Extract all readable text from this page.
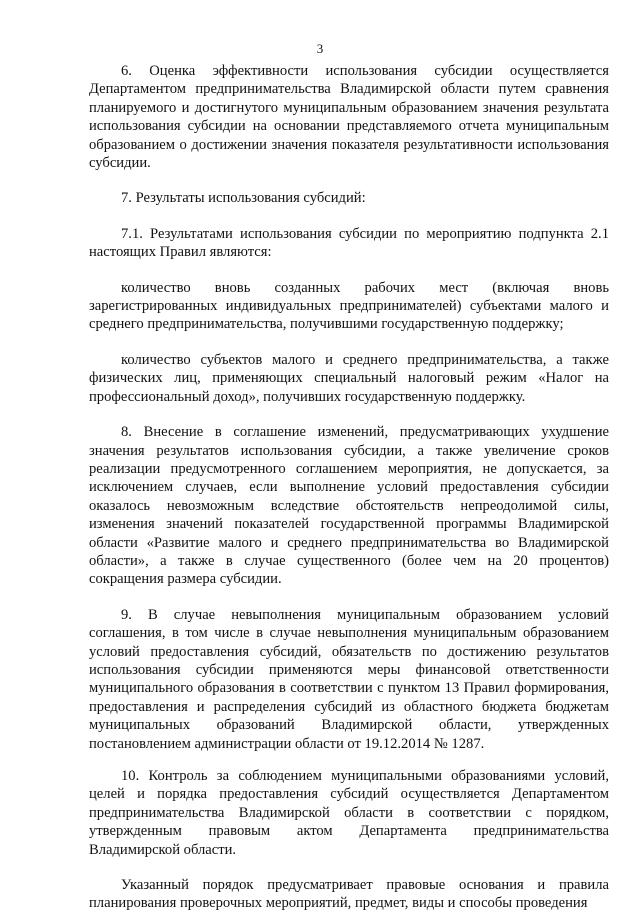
3

6. Оценка эффективности использования субсидии осуществляется Департаментом предпринимательства Владимирской области путем сравнения планируемого и достигнутого муниципальным образованием значения результата использования субсидии на основании представляемого отчета муниципальным образованием о достижении значения показателя результативности использования субсидии.

7. Результаты использования субсидий:

7.1. Результатами использования субсидии по мероприятию подпункта 2.1 настоящих Правил являются:

количество вновь созданных рабочих мест (включая вновь зарегистрированных индивидуальных предпринимателей) субъектами малого и среднего предпринимательства, получившими государственную поддержку;

количество субъектов малого и среднего предпринимательства, а также физических лиц, применяющих специальный налоговый режим «Налог на профессиональный доход», получивших государственную поддержку.

8. Внесение в соглашение изменений, предусматривающих ухудшение значения результатов использования субсидии, а также увеличение сроков реализации предусмотренного соглашением мероприятия, не допускается, за исключением случаев, если выполнение условий предоставления субсидии оказалось невозможным вследствие обстоятельств непреодолимой силы, изменения значений показателей государственной программы Владимирской области «Развитие малого и среднего предпринимательства во Владимирской области», а также в случае существенного (более чем на 20 процентов) сокращения размера субсидии.

9. В случае невыполнения муниципальным образованием условий соглашения, в том числе в случае невыполнения муниципальным образованием условий предоставления субсидий, обязательств по достижению результатов использования субсидии применяются меры финансовой ответственности муниципального образования в соответствии с пунктом 13 Правил формирования, предоставления и распределения субсидий из областного бюджета бюджетам муниципальных образований Владимирской области, утвержденных постановлением администрации области от 19.12.2014 № 1287.

10. Контроль за соблюдением муниципальными образованиями условий, целей и порядка предоставления субсидий осуществляется Департаментом предпринимательства Владимирской области в соответствии с порядком, утвержденным правовым актом Департамента предпринимательства Владимирской области.

Указанный порядок предусматривает правовые основания и правила планирования проверочных мероприятий, предмет, виды и способы проведения
